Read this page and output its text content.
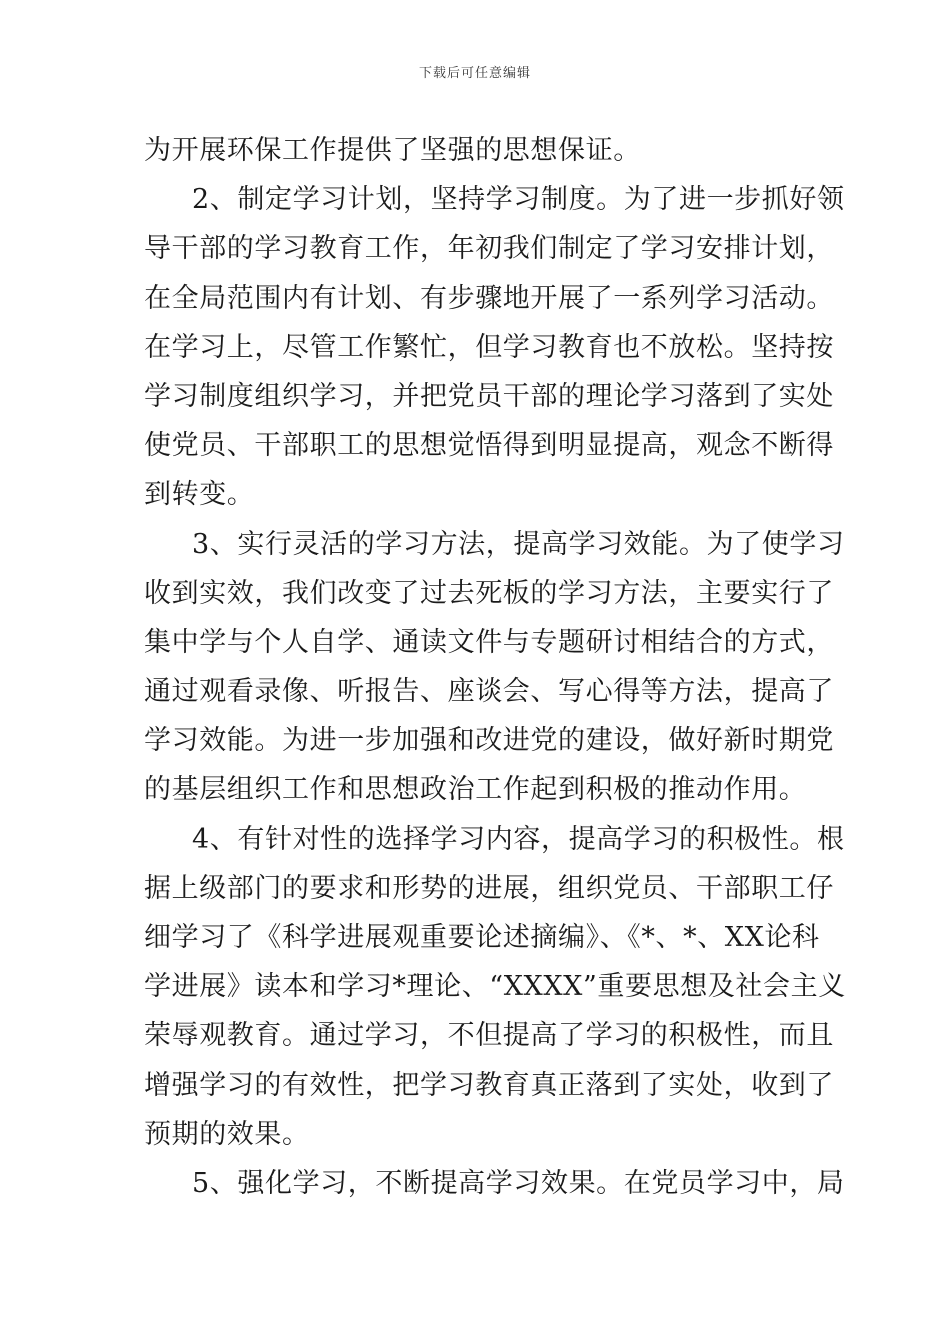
下载后可任意编辑
为开展环保工作提供了坚强的思想保证。
2、制定学习计划，坚持学习制度。为了进一步抓好领
导干部的学习教育工作，年初我们制定了学习安排计划，
在全局范围内有计划、有步骤地开展了一系列学习活动。
在学习上，尽管工作繁忙，但学习教育也不放松。坚持按
学习制度组织学习，并把党员干部的理论学习落到了实处
使党员、干部职工的思想觉悟得到明显提高，观念不断得
到转变。
3、实行灵活的学习方法，提高学习效能。为了使学习
收到实效，我们改变了过去死板的学习方法，主要实行了
集中学与个人自学、通读文件与专题研讨相结合的方式，
通过观看录像、听报告、座谈会、写心得等方法，提高了
学习效能。为进一步加强和改进党的建设，做好新时期党
的基层组织工作和思想政治工作起到积极的推动作用。
4、有针对性的选择学习内容，提高学习的积极性。根
据上级部门的要求和形势的进展，组织党员、干部职工仔
细学习了《科学进展观重要论述摘编》、《*、*、XX论科
学进展》读本和学习*理论、“XXXX”重要思想及社会主义
荣辱观教育。通过学习，不但提高了学习的积极性，而且
增强学习的有效性，把学习教育真正落到了实处，收到了
预期的效果。
5、强化学习，不断提高学习效果。在党员学习中，局
